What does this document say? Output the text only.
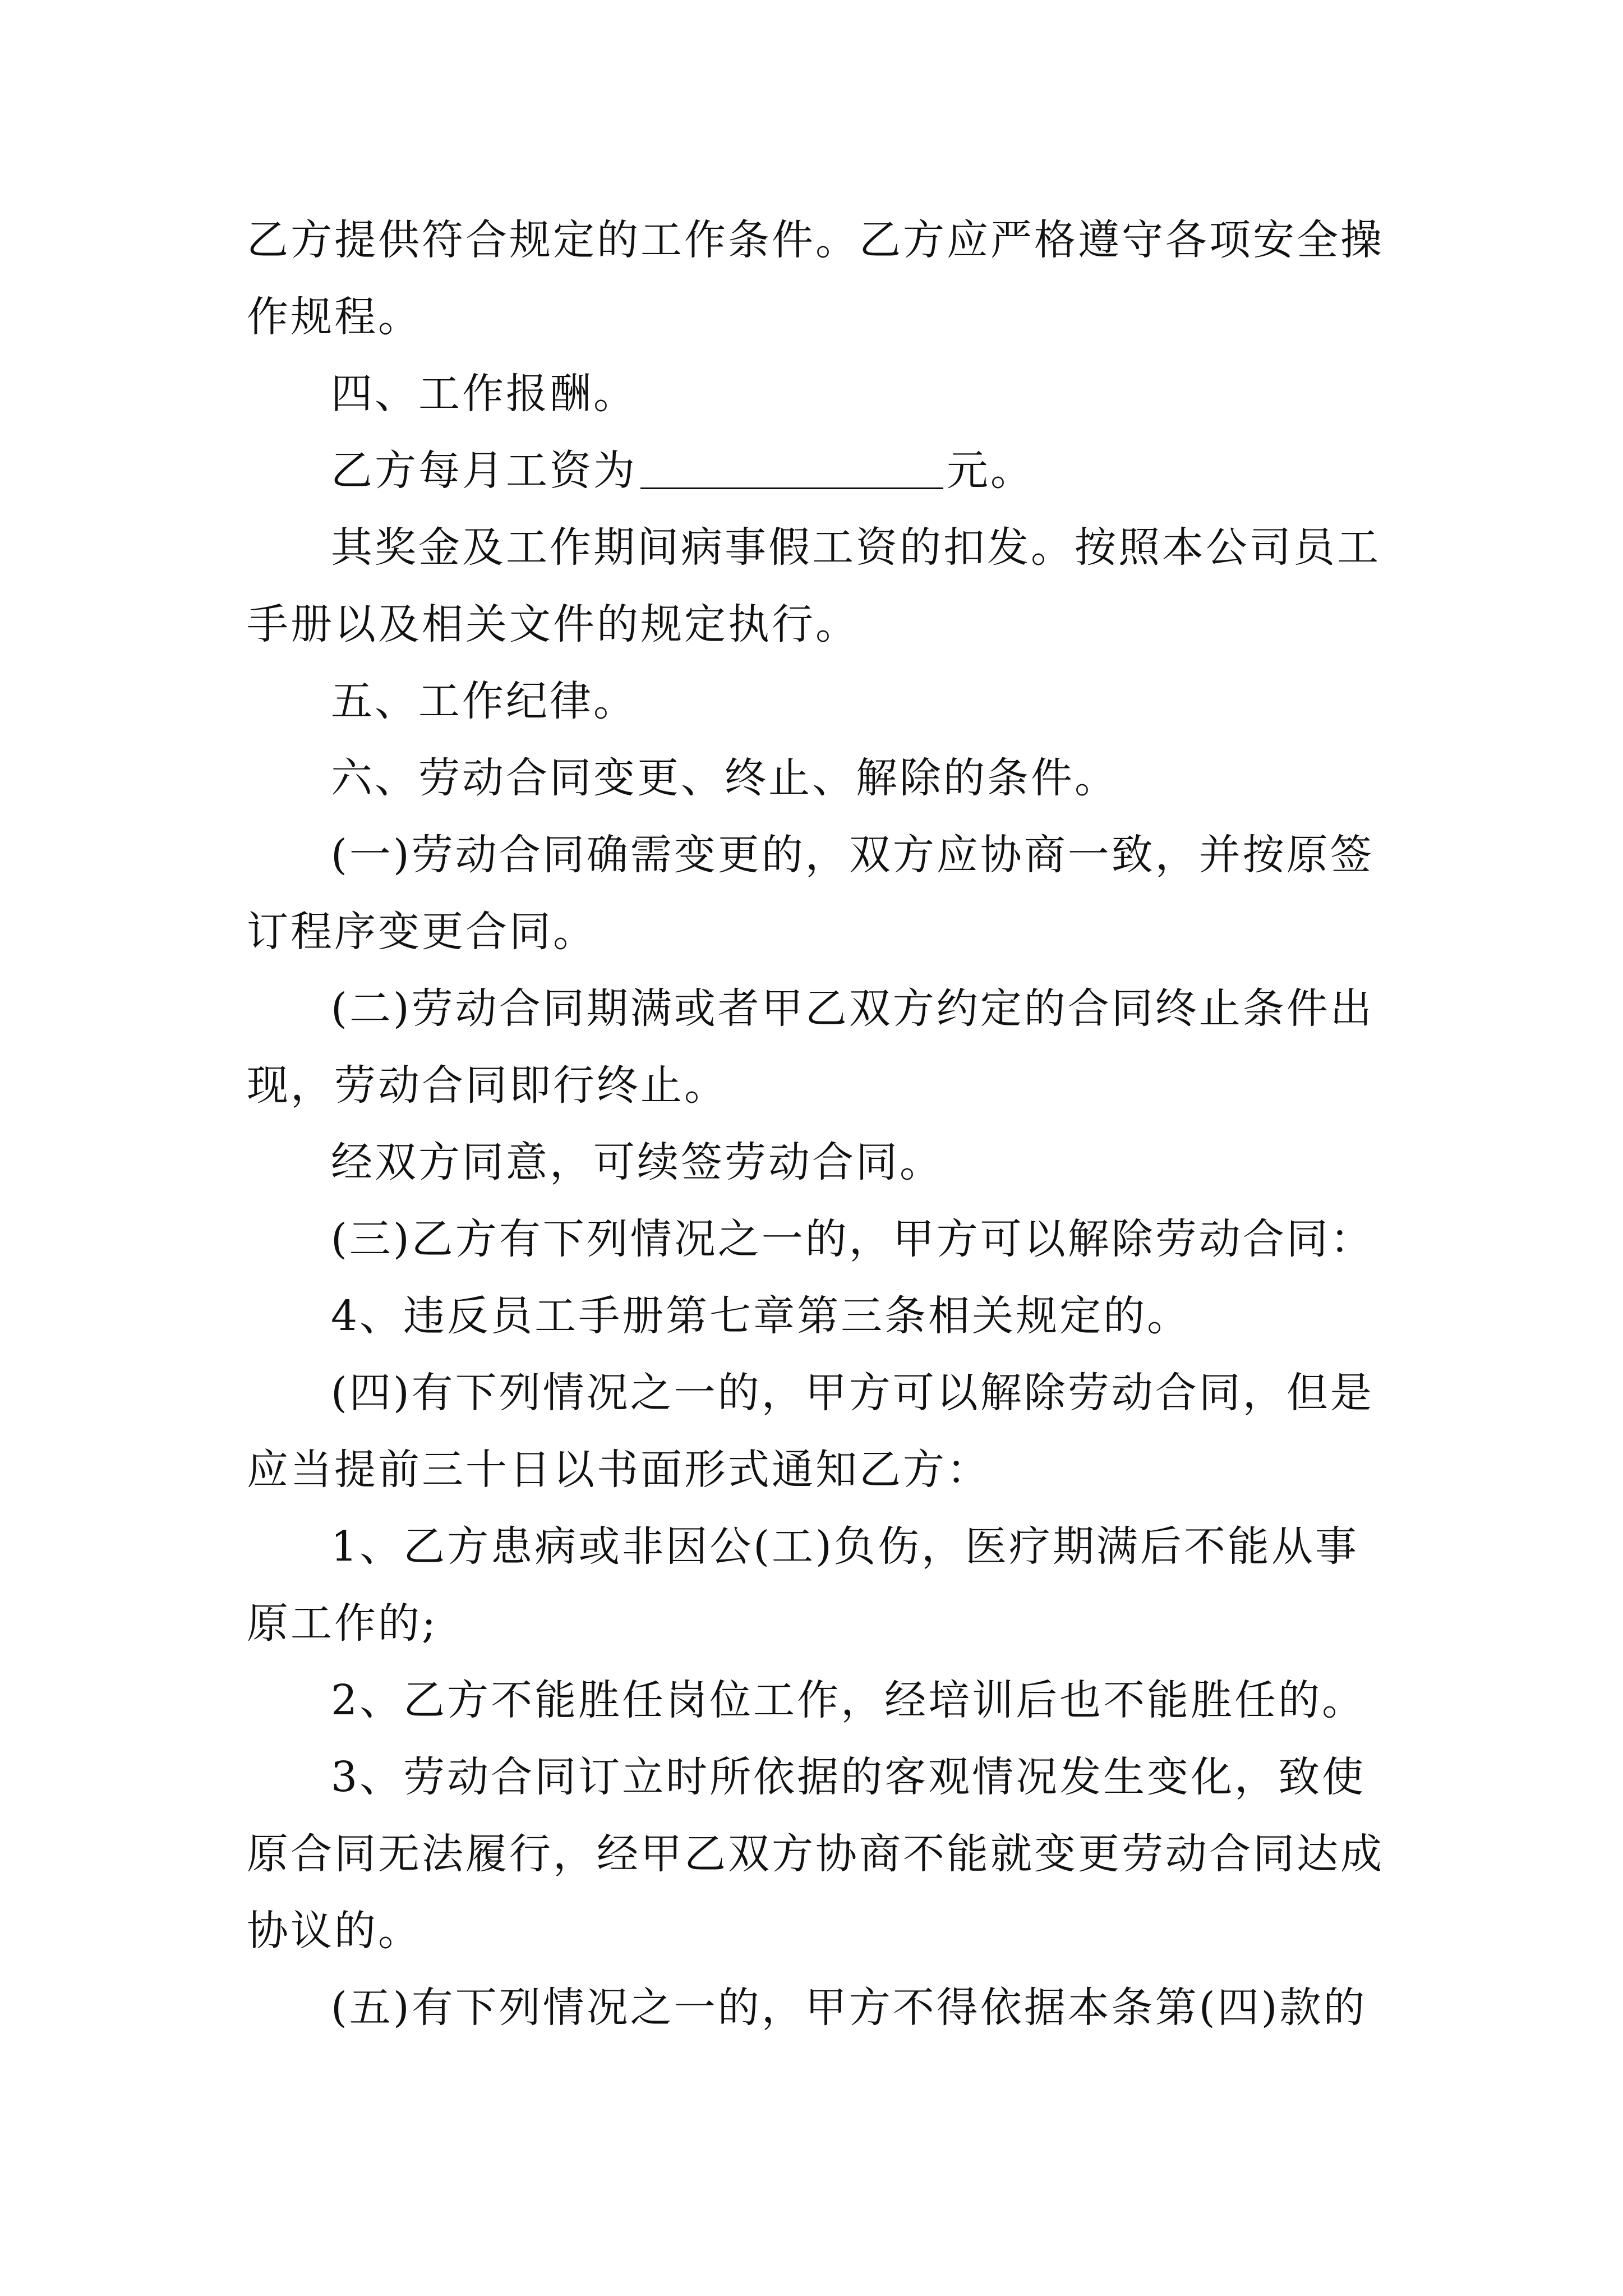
乙方提供符合规定的工作条件。乙方应严格遵守各项安全操
作规程。
四、工作报酬。
乙方每月工资为	元。
其奖金及工作期间病事假工资的扣发。按照本公司员工
手册以及相关文件的规定执行。
五、工作纪律。
六、劳动合同变更、终止、解除的条件。
(一)劳动合同确需变更的，双方应协商一致，并按原签
订程序变更合同。
(二)劳动合同期满或者甲乙双方约定的合同终止条件出
现，劳动合同即行终止。
经双方同意，可续签劳动合同。
(三)乙方有下列情况之一的，甲方可以解除劳动合同：
4、违反员工手册第七章第三条相关规定的。
(四)有下列情况之一的，甲方可以解除劳动合同，但是
应当提前三十日以书面形式通知乙方：
1、乙方患病或非因公(工)负伤，医疗期满后不能从事
原工作的;
2、乙方不能胜任岗位工作，经培训后也不能胜任的。
3、劳动合同订立时所依据的客观情况发生变化，致使
原合同无法履行，经甲乙双方协商不能就变更劳动合同达成
协议的。
(五)有下列情况之一的，甲方不得依据本条第(四)款的
